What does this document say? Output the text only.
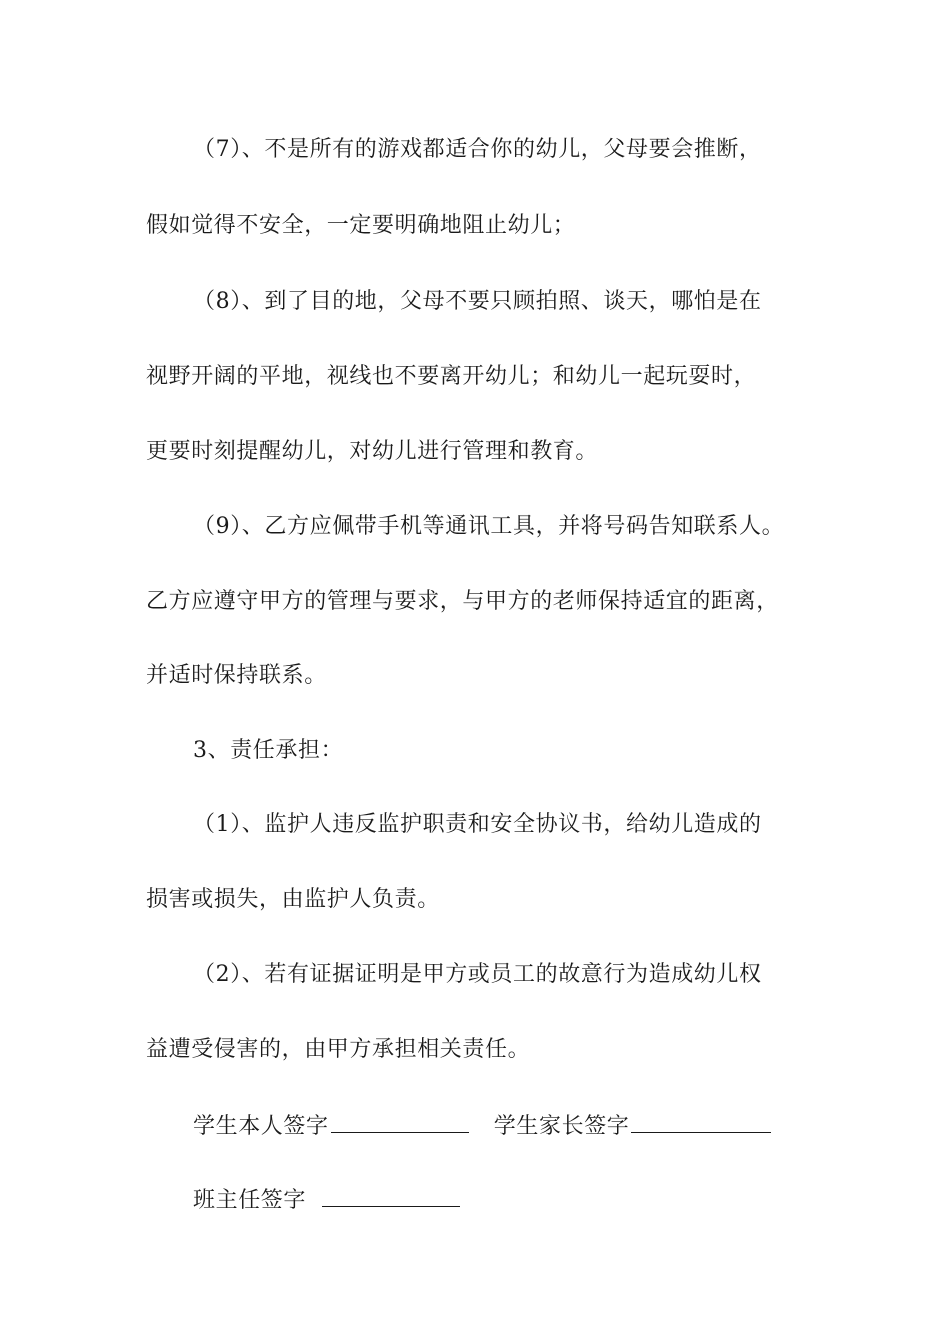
（7）、不是所有的游戏都适合你的幼儿，父母要会推断，
假如觉得不安全，一定要明确地阻止幼儿；
（8）、到了目的地，父母不要只顾拍照、谈天，哪怕是在
视野开阔的平地，视线也不要离开幼儿；和幼儿一起玩耍时，
更要时刻提醒幼儿，对幼儿进行管理和教育。
（9）、乙方应佩带手机等通讯工具，并将号码告知联系人。
乙方应遵守甲方的管理与要求，与甲方的老师保持适宜的距离，
并适时保持联系。
3、责任承担：
（1）、监护人违反监护职责和安全协议书，给幼儿造成的
损害或损失，由监护人负责。
（2）、若有证据证明是甲方或员工的故意行为造成幼儿权
益遭受侵害的，由甲方承担相关责任。
学生本人签字	学生家长签字
班主任签字
